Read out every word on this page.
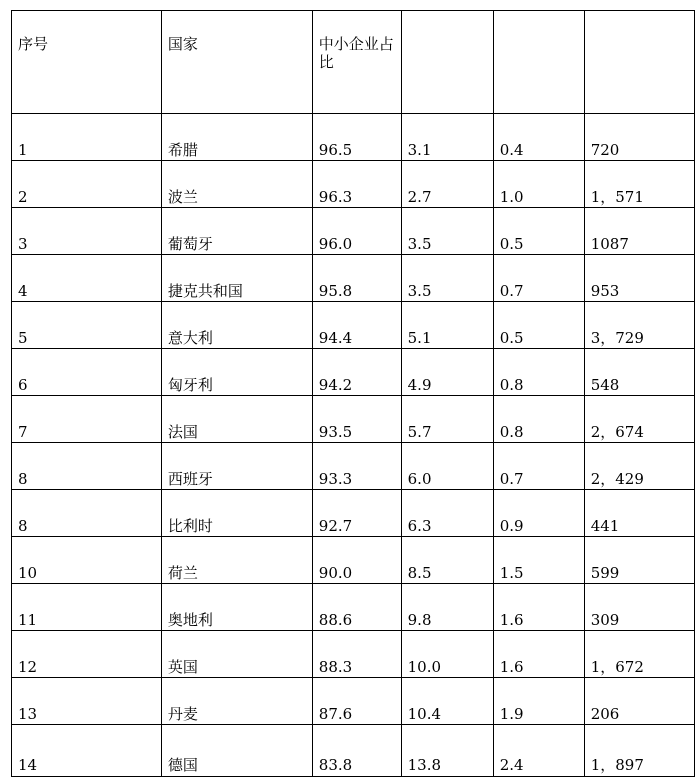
序号	国家	中小企业占比			

1	希腊	96.5	3.1	0.4	720
2	波兰	96.3	2.7	1.0	1，571
3	葡萄牙	96.0	3.5	0.5	1087
4	捷克共和国	95.8	3.5	0.7	953
5	意大利	94.4	5.1	0.5	3，729
6	匈牙利	94.2	4.9	0.8	548
7	法国	93.5	5.7	0.8	2，674
8	西班牙	93.3	6.0	0.7	2，429
8	比利时	92.7	6.3	0.9	441
10	荷兰	90.0	8.5	1.5	599
11	奥地利	88.6	9.8	1.6	309
12	英国	88.3	10.0	1.6	1，672
13	丹麦	87.6	10.4	1.9	206
14	德国	83.8	13.8	2.4	1，897
